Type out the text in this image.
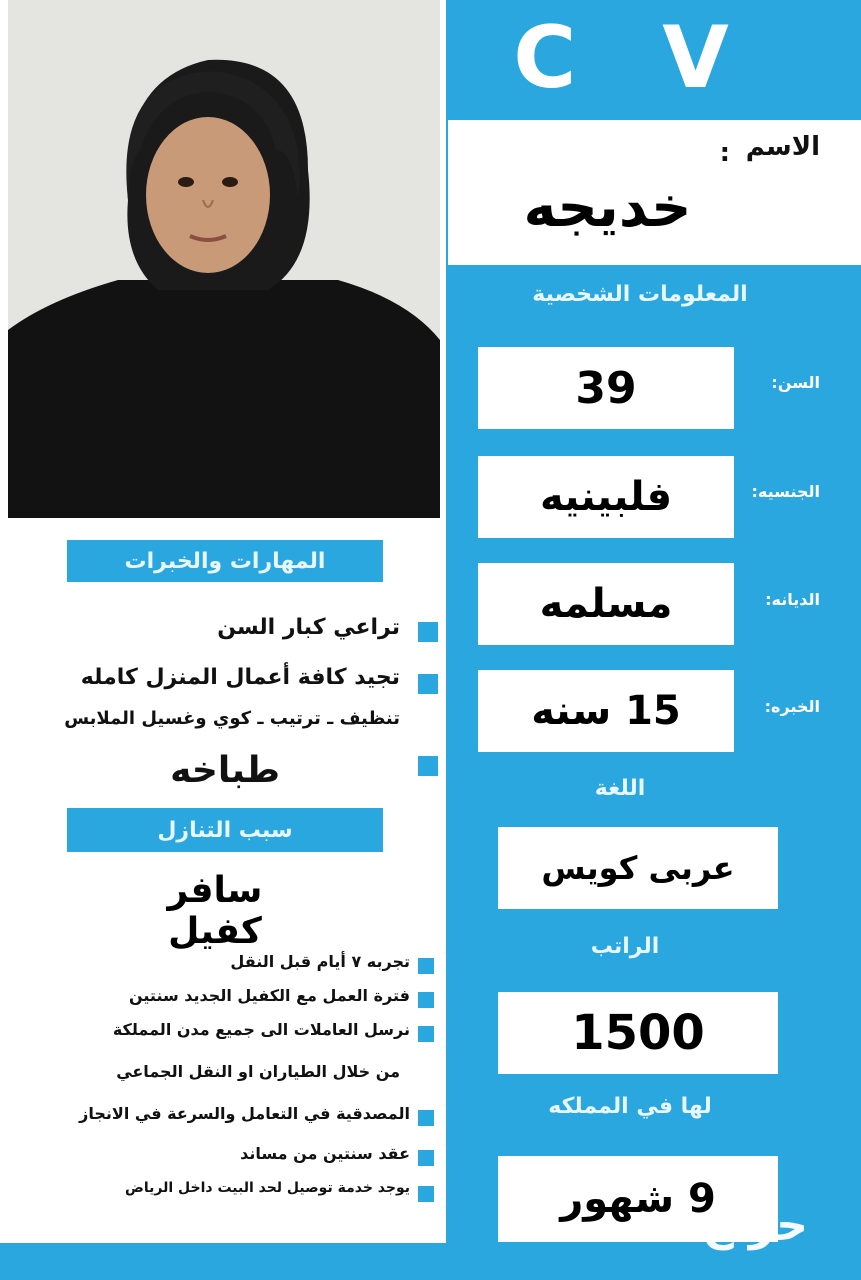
المهارات والخبرات
تراعي كبار السن
تجيد كافة أعمال المنزل كامله
تنظيف ـ ترتيب ـ كوي وغسيل الملابس
طباخه
سبب التنازل
سافر كفيل
تجربه ٧ أيام قبل النقل
فترة العمل مع الكفيل الجديد سنتين
نرسل العاملات الى جميع مدن المملكة
من خلال الطياران او النقل الجماعي
المصدقية في التعامل والسرعة في الانجاز
عقد سنتين من مساند
يوجد خدمة توصيل لحد البيت داخل الرياض
C V
الاسم
:
خديجه
المعلومات الشخصية
السن:
39
الجنسيه:
فلبينيه
الديانه:
مسلمه
الخبره:
15 سنه
اللغة
عربى كويس
الراتب
1500
لها في المملكه
9 شهور
حراج
